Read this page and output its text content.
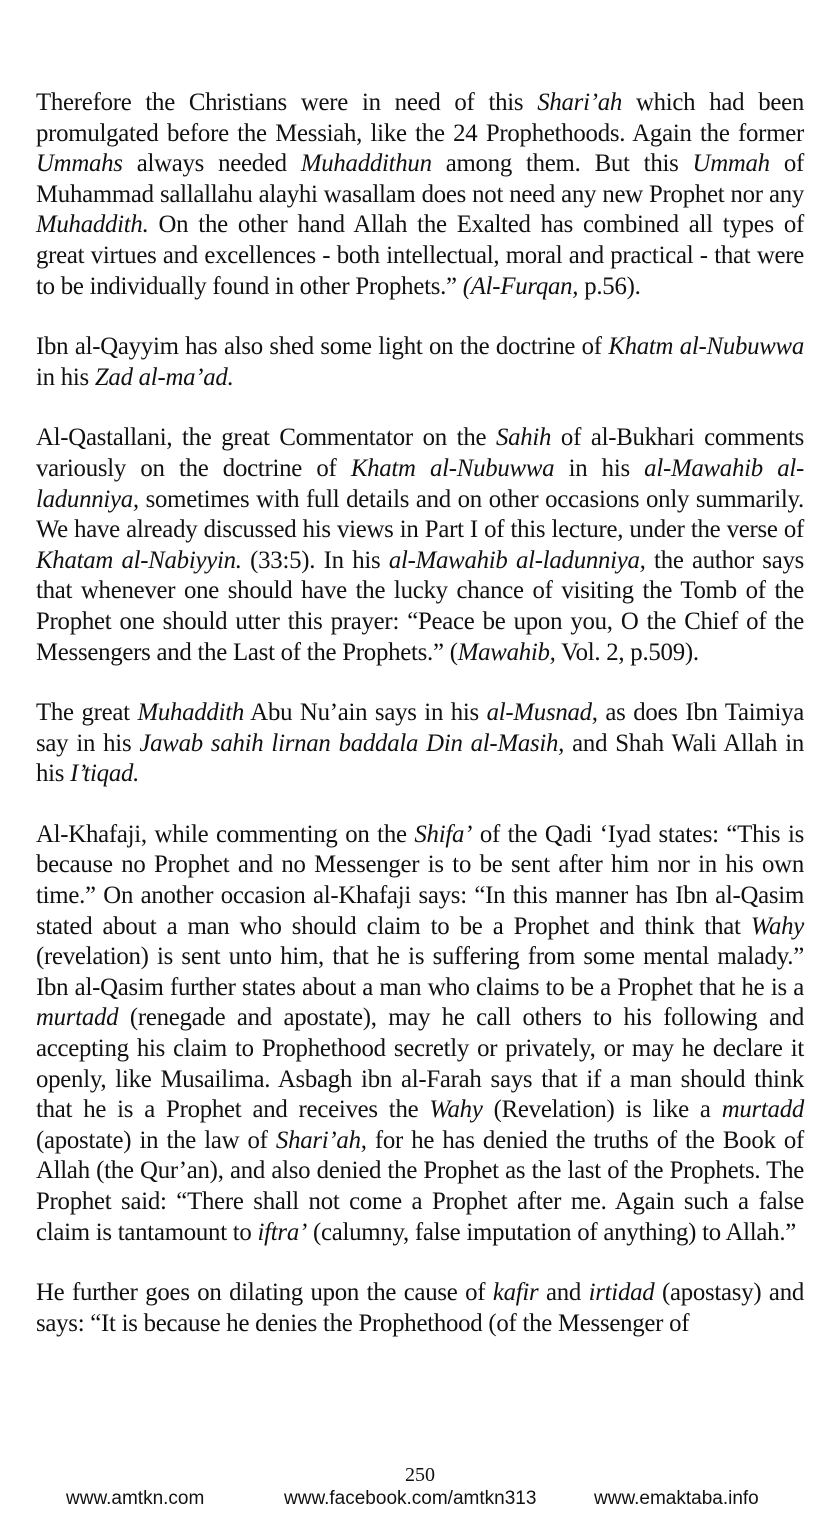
Therefore the Christians were in need of this Shari’ah which had been promulgated before the Messiah, like the 24 Prophethoods. Again the former Ummahs always needed Muhaddithun among them. But this Ummah of Muhammad sallallahu alayhi wasallam does not need any new Prophet nor any Muhaddith. On the other hand Allah the Exalted has combined all types of great virtues and excellences - both intellectual, moral and practical - that were to be individually found in other Prophets.” (Al-Furqan, p.56).

Ibn al-Qayyim has also shed some light on the doctrine of Khatm al-Nubuwwa in his Zad al-ma’ad.

Al-Qastallani, the great Commentator on the Sahih of al-Bukhari comments variously on the doctrine of Khatm al-Nubuwwa in his al-Mawahib al-ladunniya, sometimes with full details and on other occasions only summarily. We have already discussed his views in Part I of this lecture, under the verse of Khatam al-Nabiyyin. (33:5). In his al-Mawahib al-ladunniya, the author says that whenever one should have the lucky chance of visiting the Tomb of the Prophet one should utter this prayer: “Peace be upon you, O the Chief of the Messengers and the Last of the Prophets.” (Mawahib, Vol. 2, p.509).

The great Muhaddith Abu Nu’ain says in his al-Musnad, as does Ibn Taimiya say in his Jawab sahih lirnan baddala Din al-Masih, and Shah Wali Allah in his I’tiqad.

Al-Khafaji, while commenting on the Shifa’ of the Qadi ‘Iyad states: “This is because no Prophet and no Messenger is to be sent after him nor in his own time.” On another occasion al-Khafaji says: “In this manner has Ibn al-Qasim stated about a man who should claim to be a Prophet and think that Wahy (revelation) is sent unto him, that he is suffering from some mental malady.” Ibn al-Qasim further states about a man who claims to be a Prophet that he is a murtadd (renegade and apostate), may he call others to his following and accepting his claim to Prophethood secretly or privately, or may he declare it openly, like Musailima. Asbagh ibn al-Farah says that if a man should think that he is a Prophet and receives the Wahy (Revelation) is like a murtadd (apostate) in the law of Shari’ah, for he has denied the truths of the Book of Allah (the Qur’an), and also denied the Prophet as the last of the Prophets. The Prophet said: “There shall not come a Prophet after me. Again such a false claim is tantamount to iftra’ (calumny, false imputation of anything) to Allah.”

He further goes on dilating upon the cause of kafir and irtidad (apostasy) and says: “It is because he denies the Prophethood (of the Messenger of

250
www.amtkn.com	www.facebook.com/amtkn313	www.emaktaba.info
